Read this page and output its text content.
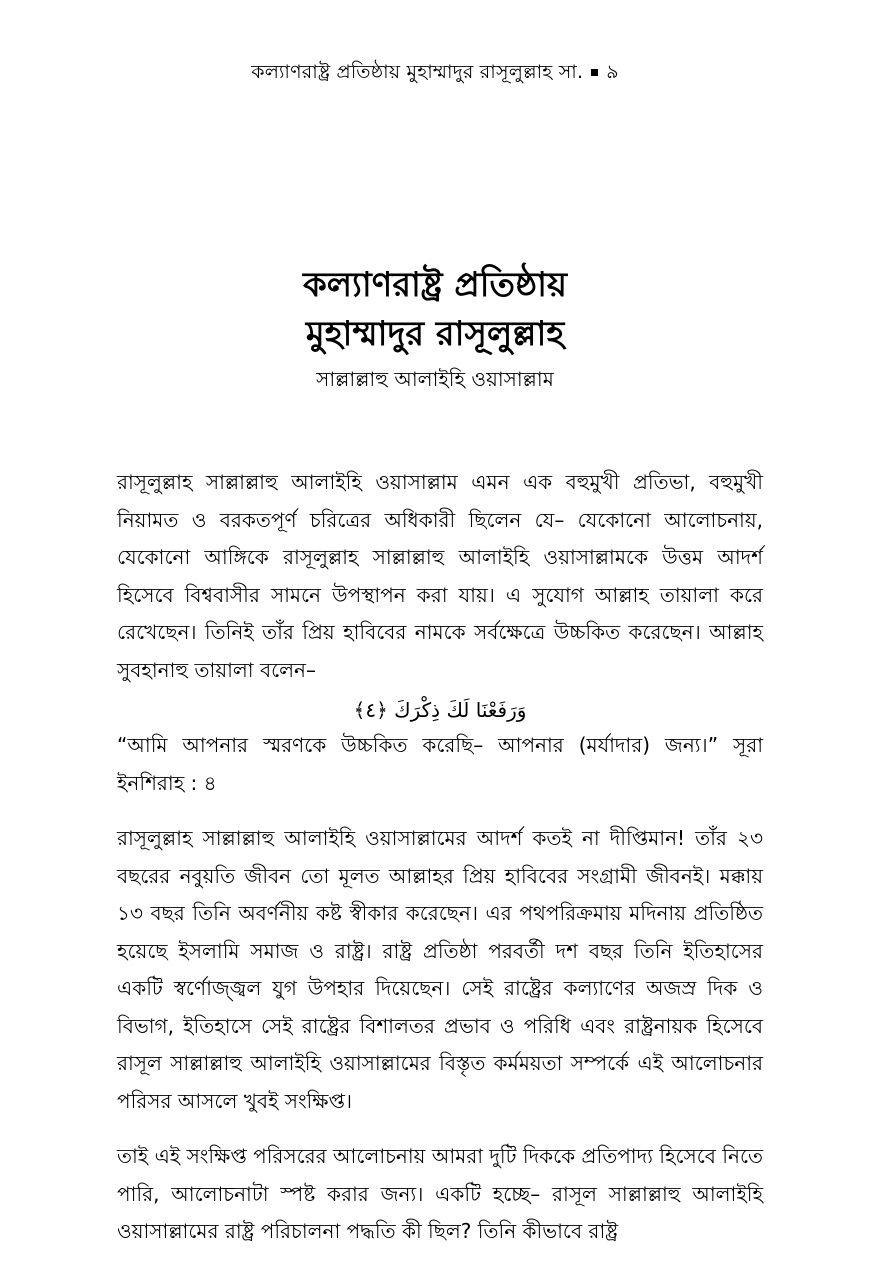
কল্যাণরাষ্ট্র প্রতিষ্ঠায় মুহাম্মাদুর রাসূলুল্লাহ সা. ৯
কল্যাণরাষ্ট্র প্রতিষ্ঠায়
মুহাম্মাদুর রাসূলুল্লাহ
সাল্লাল্লাহু আলাইহি ওয়াসাল্লাম

রাসূলুল্লাহ সাল্লাল্লাহু আলাইহি ওয়াসাল্লাম এমন এক বহুমুখী প্রতিভা, বহুমুখী নিয়ামত ও বরকতপূর্ণ চরিত্রের অধিকারী ছিলেন যে– যেকোনো আলোচনায়, যেকোনো আঙ্গিকে রাসূলুল্লাহ সাল্লাল্লাহু আলাইহি ওয়াসাল্লামকে উত্তম আদর্শ হিসেবে বিশ্ববাসীর সামনে উপস্থাপন করা যায়। এ সুযোগ আল্লাহ তায়ালা করে রেখেছেন। তিনিই তাঁর প্রিয় হাবিবের নামকে সর্বক্ষেত্রে উচ্চকিত করেছেন। আল্লাহ সুবহানাহু তায়ালা বলেন–

وَرَفَعْنَا لَكَ ذِكْرَكَ ﴿٤﴾

“আমি আপনার স্মরণকে উচ্চকিত করেছি– আপনার (মর্যাদার) জন্য।” সূরা ইনশিরাহ : ৪

রাসূলুল্লাহ সাল্লাল্লাহু আলাইহি ওয়াসাল্লামের আদর্শ কতই না দীপ্তিমান! তাঁর ২৩ বছরের নবুয়তি জীবন তো মূলত আল্লাহর প্রিয় হাবিবের সংগ্রামী জীবনই। মক্কায় ১৩ বছর তিনি অবর্ণনীয় কষ্ট স্বীকার করেছেন। এর পথপরিক্রমায় মদিনায় প্রতিষ্ঠিত হয়েছে ইসলামি সমাজ ও রাষ্ট্র। রাষ্ট্র প্রতিষ্ঠা পরবর্তী দশ বছর তিনি ইতিহাসের একটি স্বর্ণোজ্জ্বল যুগ উপহার দিয়েছেন। সেই রাষ্ট্রের কল্যাণের অজস্র দিক ও বিভাগ, ইতিহাসে সেই রাষ্ট্রের বিশালতর প্রভাব ও পরিধি এবং রাষ্ট্রনায়ক হিসেবে রাসূল সাল্লাল্লাহু আলাইহি ওয়াসাল্লামের বিস্তৃত কর্মময়তা সম্পর্কে এই আলোচনার পরিসর আসলে খুবই সংক্ষিপ্ত।

তাই এই সংক্ষিপ্ত পরিসরের আলোচনায় আমরা দুটি দিককে প্রতিপাদ্য হিসেবে নিতে পারি, আলোচনাটা স্পষ্ট করার জন্য। একটি হচ্ছে– রাসূল সাল্লাল্লাহু আলাইহি ওয়াসাল্লামের রাষ্ট্র পরিচালনা পদ্ধতি কী ছিল? তিনি কীভাবে রাষ্ট্র
